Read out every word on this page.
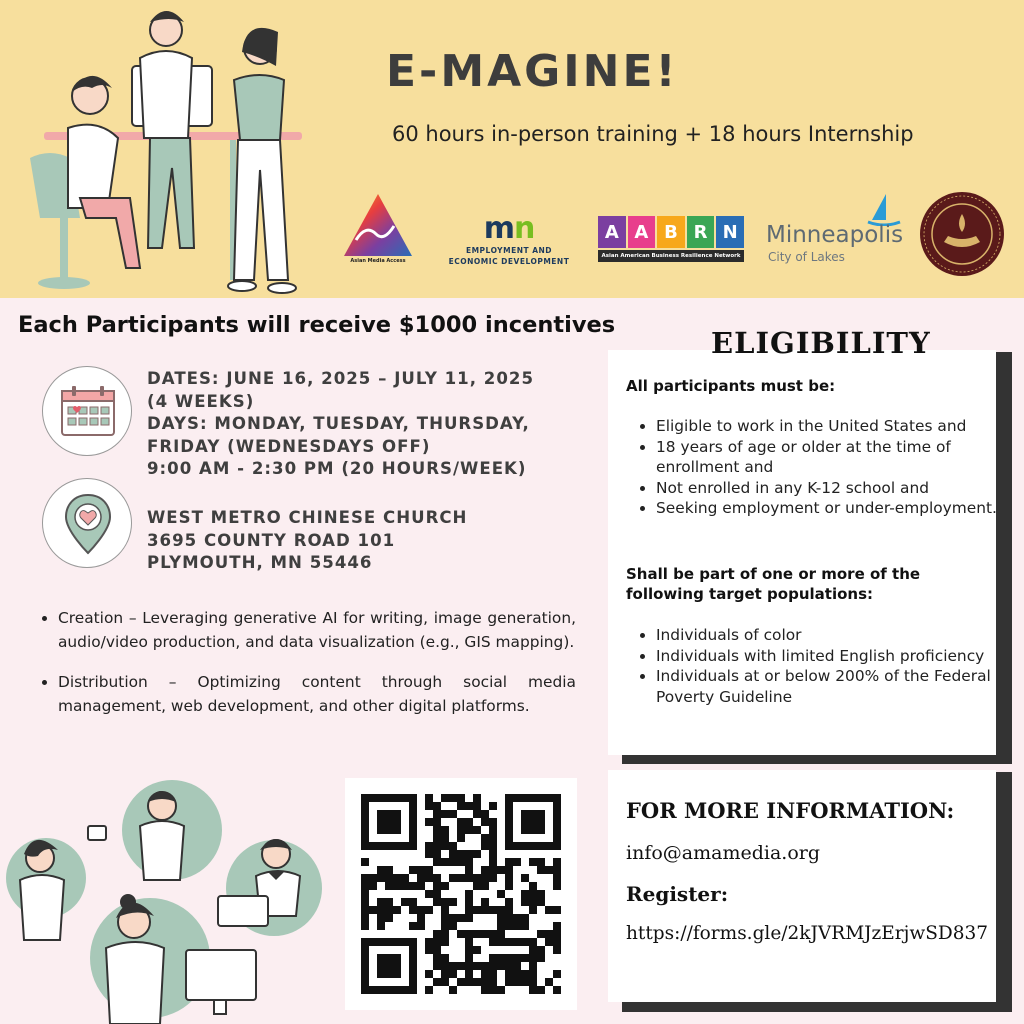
E-MAGINE!
60 hours in-person training + 18 hours Internship
Asian Media Access
mn
EMPLOYMENT AND
ECONOMIC DEVELOPMENT
A A B R N
Asian American Business Resilience Network
Minneapolis
City of Lakes
Each Participants will receive $1000 incentives
DATES: JUNE 16, 2025 – JULY 11, 2025
(4 WEEKS)
DAYS: MONDAY, TUESDAY, THURSDAY,
FRIDAY (WEDNESDAYS OFF)
9:00 AM - 2:30 PM (20 HOURS/WEEK)
WEST METRO CHINESE CHURCH
3695 COUNTY ROAD 101
PLYMOUTH, MN 55446
• Creation – Leveraging generative AI for writing, image generation, audio/video production, and data visualization (e.g., GIS mapping).
• Distribution – Optimizing content through social media management, web development, and other digital platforms.
ELIGIBILITY
All participants must be:
• Eligible to work in the United States and
• 18 years of age or older at the time of enrollment and
• Not enrolled in any K-12 school and
• Seeking employment or under-employment.
Shall be part of one or more of the following target populations:
• Individuals of color
• Individuals with limited English proficiency
• Individuals at or below 200% of the Federal Poverty Guideline
FOR MORE INFORMATION:
info@amamedia.org
Register:
https://forms.gle/2kJVRMJzErjwSD837
